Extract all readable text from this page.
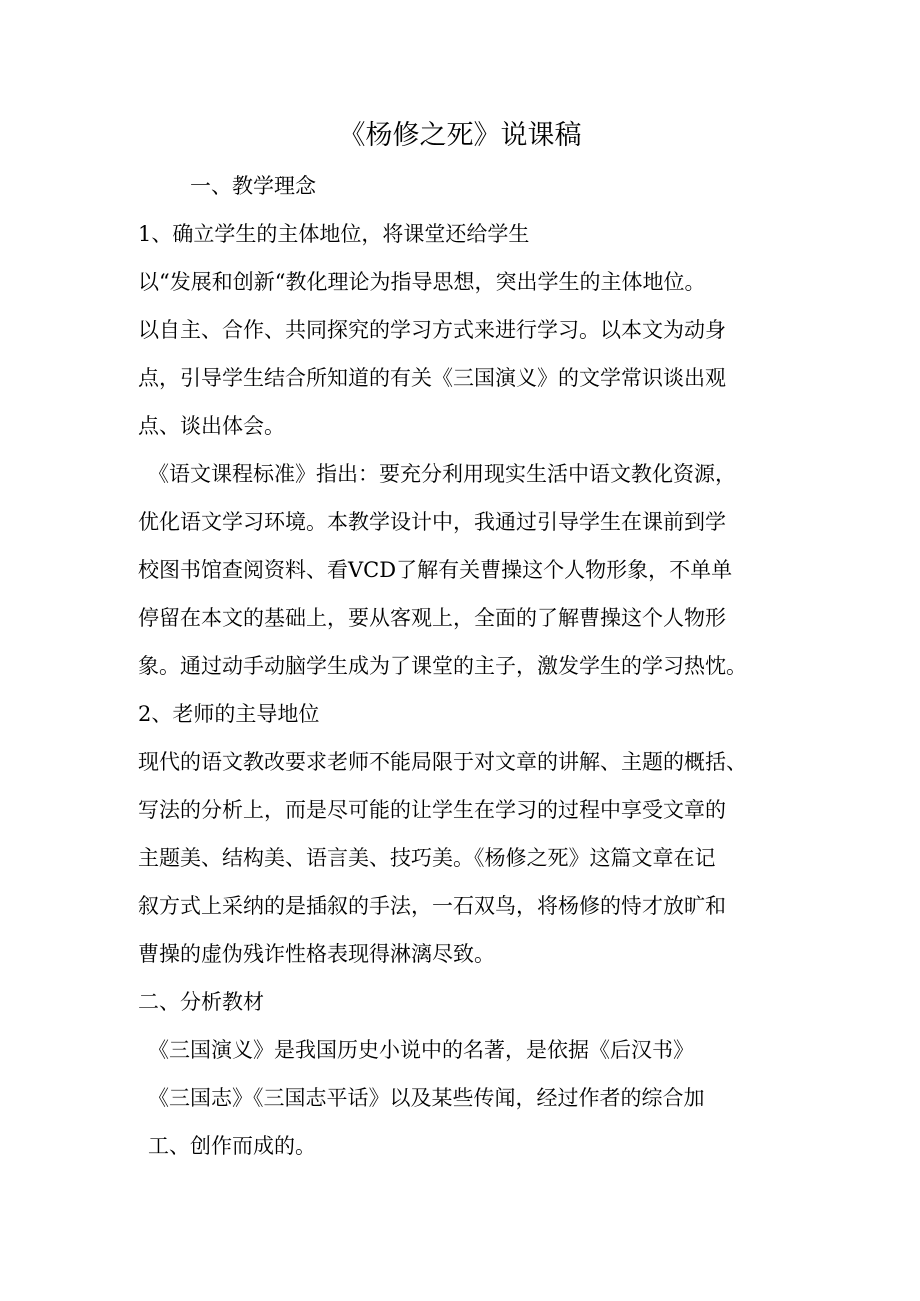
《杨修之死》说课稿
一、教学理念
1、确立学生的主体地位，将课堂还给学生
以“发展和创新“教化理论为指导思想，突出学生的主体地位。
以自主、合作、共同探究的学习方式来进行学习。以本文为动身
点，引导学生结合所知道的有关《三国演义》的文学常识谈出观
点、谈出体会。
《语文课程标准》指出：要充分利用现实生活中语文教化资源，
优化语文学习环境。本教学设计中，我通过引导学生在课前到学
校图书馆查阅资料、看VCD了解有关曹操这个人物形象，不单单
停留在本文的基础上，要从客观上，全面的了解曹操这个人物形
象。通过动手动脑学生成为了课堂的主子，激发学生的学习热忱。
2、老师的主导地位
现代的语文教改要求老师不能局限于对文章的讲解、主题的概括、
写法的分析上，而是尽可能的让学生在学习的过程中享受文章的
主题美、结构美、语言美、技巧美。《杨修之死》这篇文章在记
叙方式上采纳的是插叙的手法，一石双鸟，将杨修的恃才放旷和
曹操的虚伪残诈性格表现得淋漓尽致。
二、分析教材
《三国演义》是我国历史小说中的名著，是依据《后汉书》
《三国志》《三国志平话》以及某些传闻，经过作者的综合加
工、创作而成的。
